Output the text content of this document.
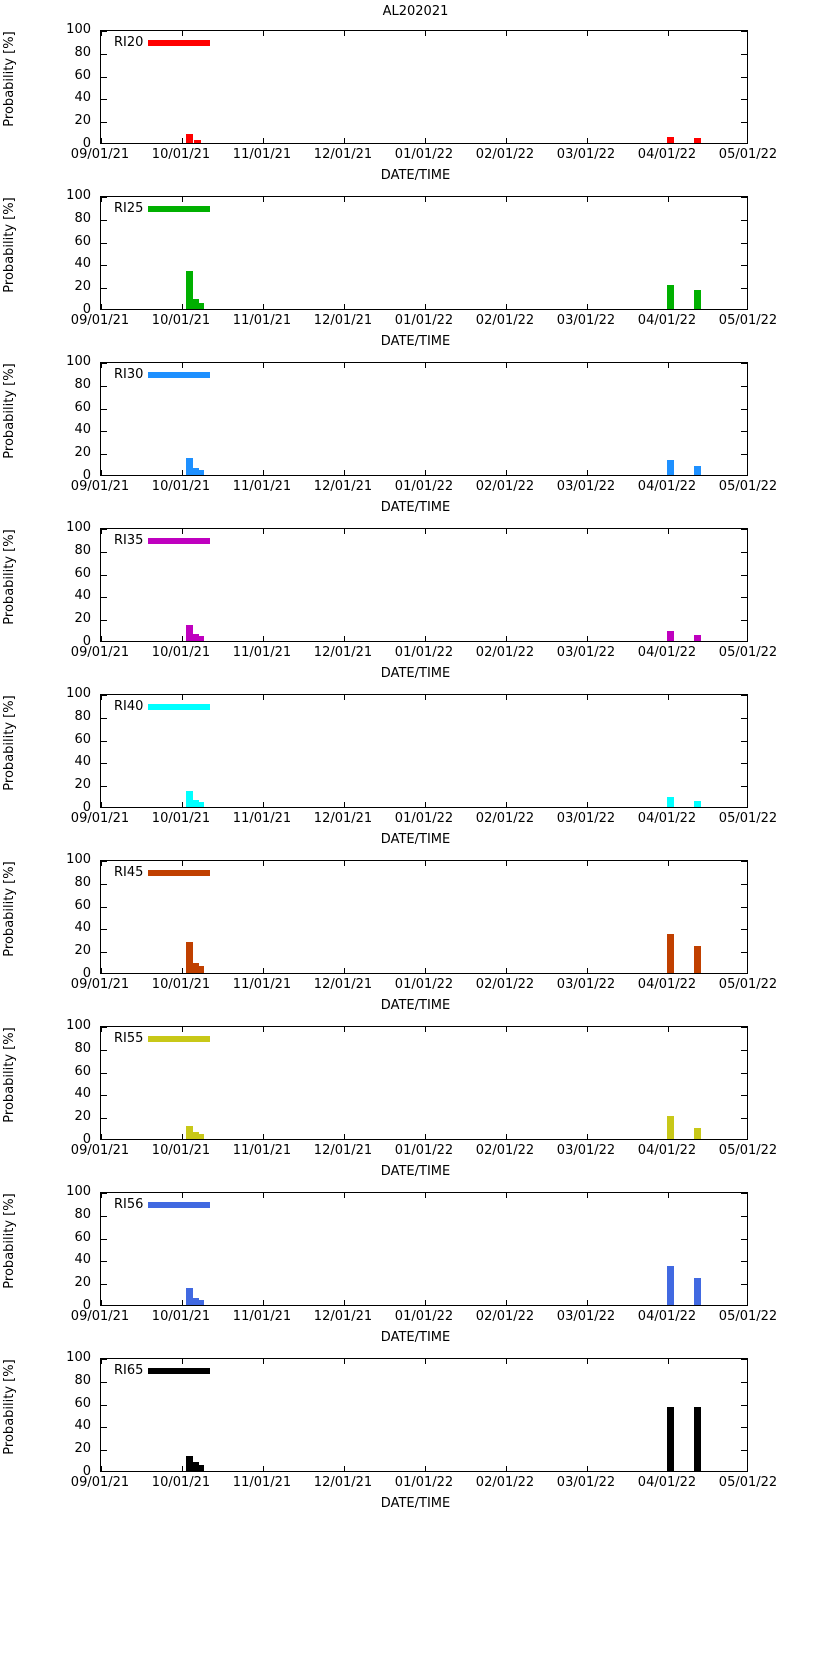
AL202021
Probability [%]
0
20
40
60
80
100
RI20
09/01/21	10/01/21	11/01/21	12/01/21	01/01/22	02/01/22	03/01/22	04/01/22	05/01/22
DATE/TIME
Probability [%]
0
20
40
60
80
100
RI25
09/01/21	10/01/21	11/01/21	12/01/21	01/01/22	02/01/22	03/01/22	04/01/22	05/01/22
DATE/TIME
Probability [%]
0
20
40
60
80
100
RI30
09/01/21	10/01/21	11/01/21	12/01/21	01/01/22	02/01/22	03/01/22	04/01/22	05/01/22
DATE/TIME
Probability [%]
0
20
40
60
80
100
RI35
09/01/21	10/01/21	11/01/21	12/01/21	01/01/22	02/01/22	03/01/22	04/01/22	05/01/22
DATE/TIME
Probability [%]
0
20
40
60
80
100
RI40
09/01/21	10/01/21	11/01/21	12/01/21	01/01/22	02/01/22	03/01/22	04/01/22	05/01/22
DATE/TIME
Probability [%]
0
20
40
60
80
100
RI45
09/01/21	10/01/21	11/01/21	12/01/21	01/01/22	02/01/22	03/01/22	04/01/22	05/01/22
DATE/TIME
Probability [%]
0
20
40
60
80
100
RI55
09/01/21	10/01/21	11/01/21	12/01/21	01/01/22	02/01/22	03/01/22	04/01/22	05/01/22
DATE/TIME
Probability [%]
0
20
40
60
80
100
RI56
09/01/21	10/01/21	11/01/21	12/01/21	01/01/22	02/01/22	03/01/22	04/01/22	05/01/22
DATE/TIME
Probability [%]
0
20
40
60
80
100
RI65
09/01/21	10/01/21	11/01/21	12/01/21	01/01/22	02/01/22	03/01/22	04/01/22	05/01/22
DATE/TIME
